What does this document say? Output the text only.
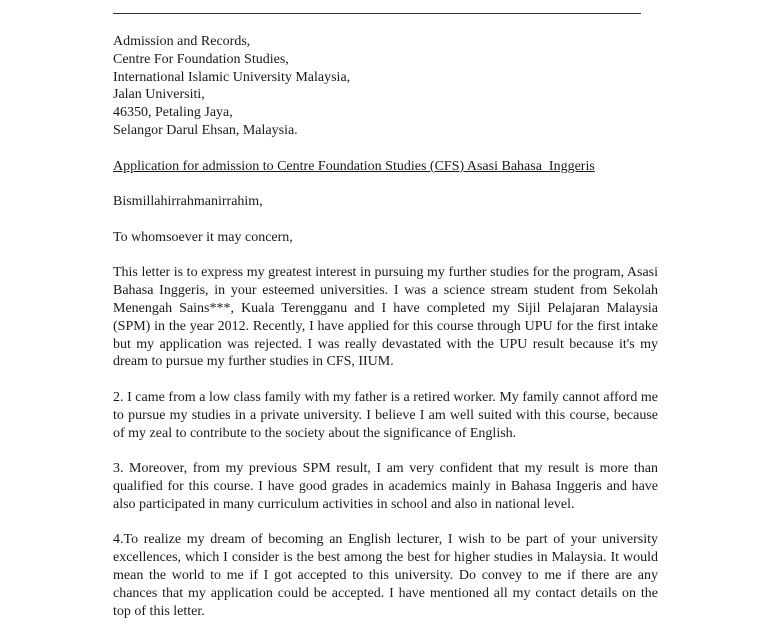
Admission and Records,
Centre For Foundation Studies,
International Islamic University Malaysia,
Jalan Universiti,
46350, Petaling Jaya,
Selangor Darul Ehsan, Malaysia.
Application for admission to Centre Foundation Studies (CFS) Asasi Bahasa  Inggeris
Bismillahirrahmanirrahim,
To whomsoever it may concern,
This letter is to express my greatest interest in pursuing my further studies for the program, Asasi Bahasa Inggeris, in your esteemed universities. I was a science stream student from Sekolah Menengah Sains***, Kuala Terengganu and I have completed my Sijil Pelajaran Malaysia (SPM) in the year 2012. Recently, I have applied for this course through UPU for the first intake but my application was rejected. I was really devastated with the UPU result because it's my dream to pursue my further studies in CFS, IIUM.
2. I came from a low class family with my father is a retired worker. My family cannot afford me to pursue my studies in a private university. I believe I am well suited with this course, because of my zeal to contribute to the society about the significance of English.
3. Moreover, from my previous SPM result, I am very confident that my result is more than qualified for this course. I have good grades in academics mainly in Bahasa Inggeris and have also participated in many curriculum activities in school and also in national level.
4.To realize my dream of becoming an English lecturer, I wish to be part of your university excellences, which I consider is the best among the best for higher studies in Malaysia. It would mean the world to me if I got accepted to this university. Do convey to me if there are any chances that my application could be accepted. I have mentioned all my contact details on the top of this letter.
